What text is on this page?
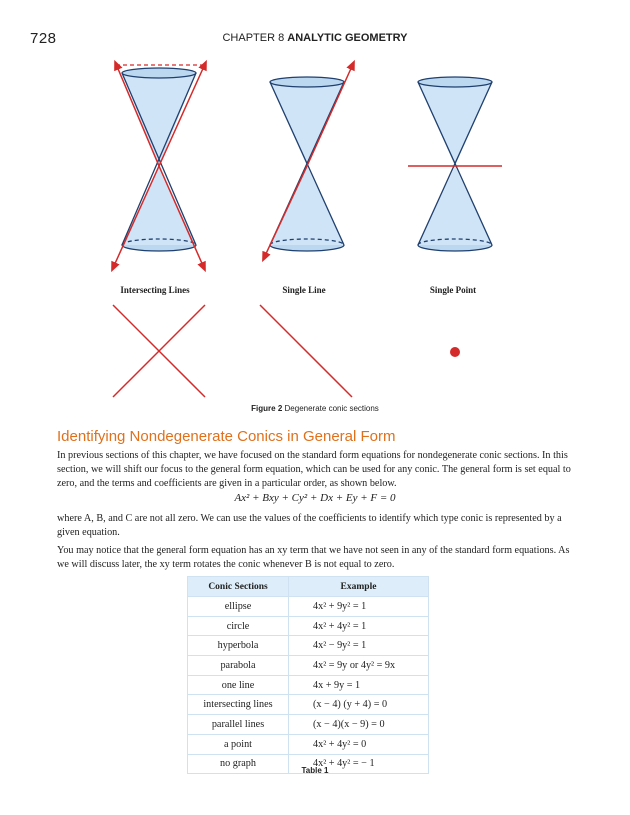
728	CHAPTER 8 ANALYTIC GEOMETRY
Intersecting Lines	Single Line	Single Point
Figure 2 Degenerate conic sections
Identifying Nondegenerate Conics in General Form
In previous sections of this chapter, we have focused on the standard form equations for nondegenerate conic sections. In this section, we will shift our focus to the general form equation, which can be used for any conic. The general form is set equal to zero, and the terms and coefficients are given in a particular order, as shown below.
Ax² + Bxy + Cy² + Dx + Ey + F = 0
where A, B, and C are not all zero. We can use the values of the coefficients to identify which type conic is represented by a given equation.
You may notice that the general form equation has an xy term that we have not seen in any of the standard form equations. As we will discuss later, the xy term rotates the conic whenever B is not equal to zero.
Conic Sections	Example
ellipse	4x² + 9y² = 1
circle	4x² + 4y² = 1
hyperbola	4x² − 9y² = 1
parabola	4x² = 9y or 4y² = 9x
one line	4x + 9y = 1
intersecting lines	(x − 4) (y + 4) = 0
parallel lines	(x − 4)(x − 9) = 0
a point	4x² + 4y² = 0
no graph	4x² + 4y² = − 1
Table 1
